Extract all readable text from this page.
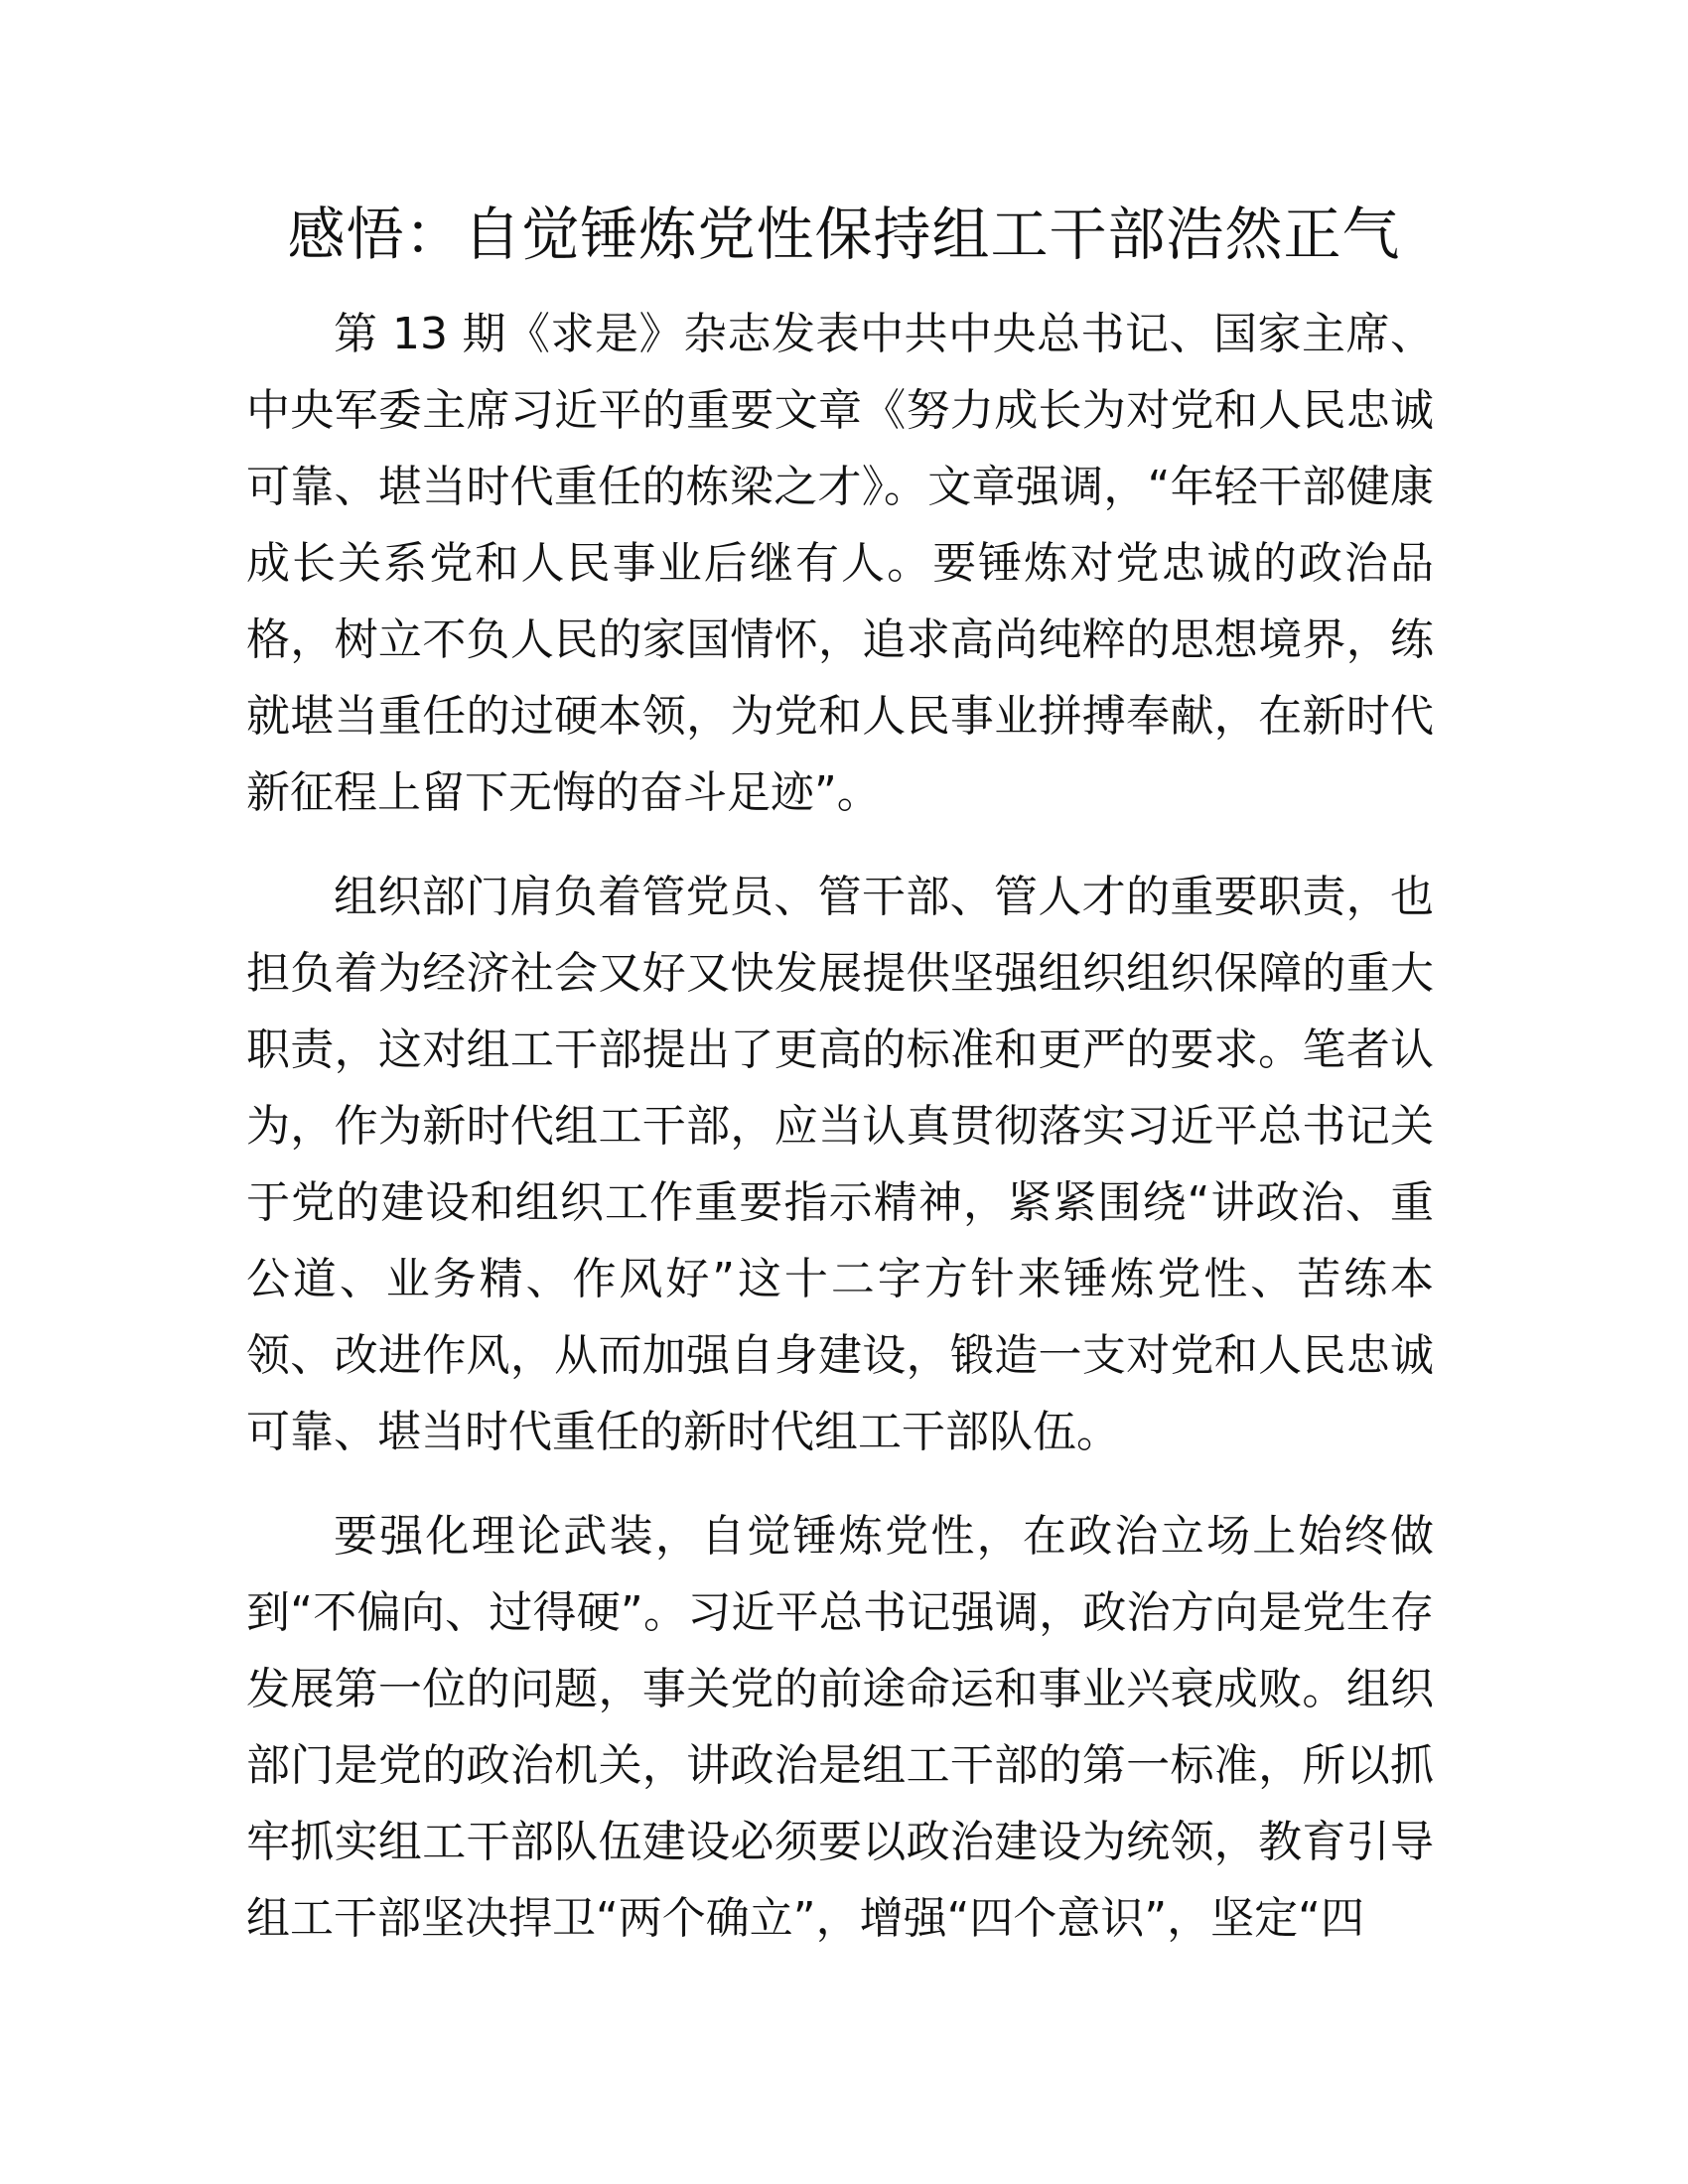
感悟：自觉锤炼党性保持组工干部浩然正气

第 13 期《求是》杂志发表中共中央总书记、国家主席、中央军委主席习近平的重要文章《努力成长为对党和人民忠诚可靠、堪当时代重任的栋梁之才》。文章强调，“年轻干部健康成长关系党和人民事业后继有人。要锤炼对党忠诚的政治品格，树立不负人民的家国情怀，追求高尚纯粹的思想境界，练就堪当重任的过硬本领，为党和人民事业拼搏奉献，在新时代新征程上留下无悔的奋斗足迹”。

组织部门肩负着管党员、管干部、管人才的重要职责，也担负着为经济社会又好又快发展提供坚强组织组织保障的重大职责，这对组工干部提出了更高的标准和更严的要求。笔者认为，作为新时代组工干部，应当认真贯彻落实习近平总书记关于党的建设和组织工作重要指示精神，紧紧围绕“讲政治、重公道、业务精、作风好”这十二字方针来锤炼党性、苦练本领、改进作风，从而加强自身建设，锻造一支对党和人民忠诚可靠、堪当时代重任的新时代组工干部队伍。

要强化理论武装，自觉锤炼党性，在政治立场上始终做到“不偏向、过得硬”。习近平总书记强调，政治方向是党生存发展第一位的问题，事关党的前途命运和事业兴衰成败。组织部门是党的政治机关，讲政治是组工干部的第一标准，所以抓牢抓实组工干部队伍建设必须要以政治建设为统领，教育引导组工干部坚决捍卫“两个确立”，增强“四个意识”，坚定“四
